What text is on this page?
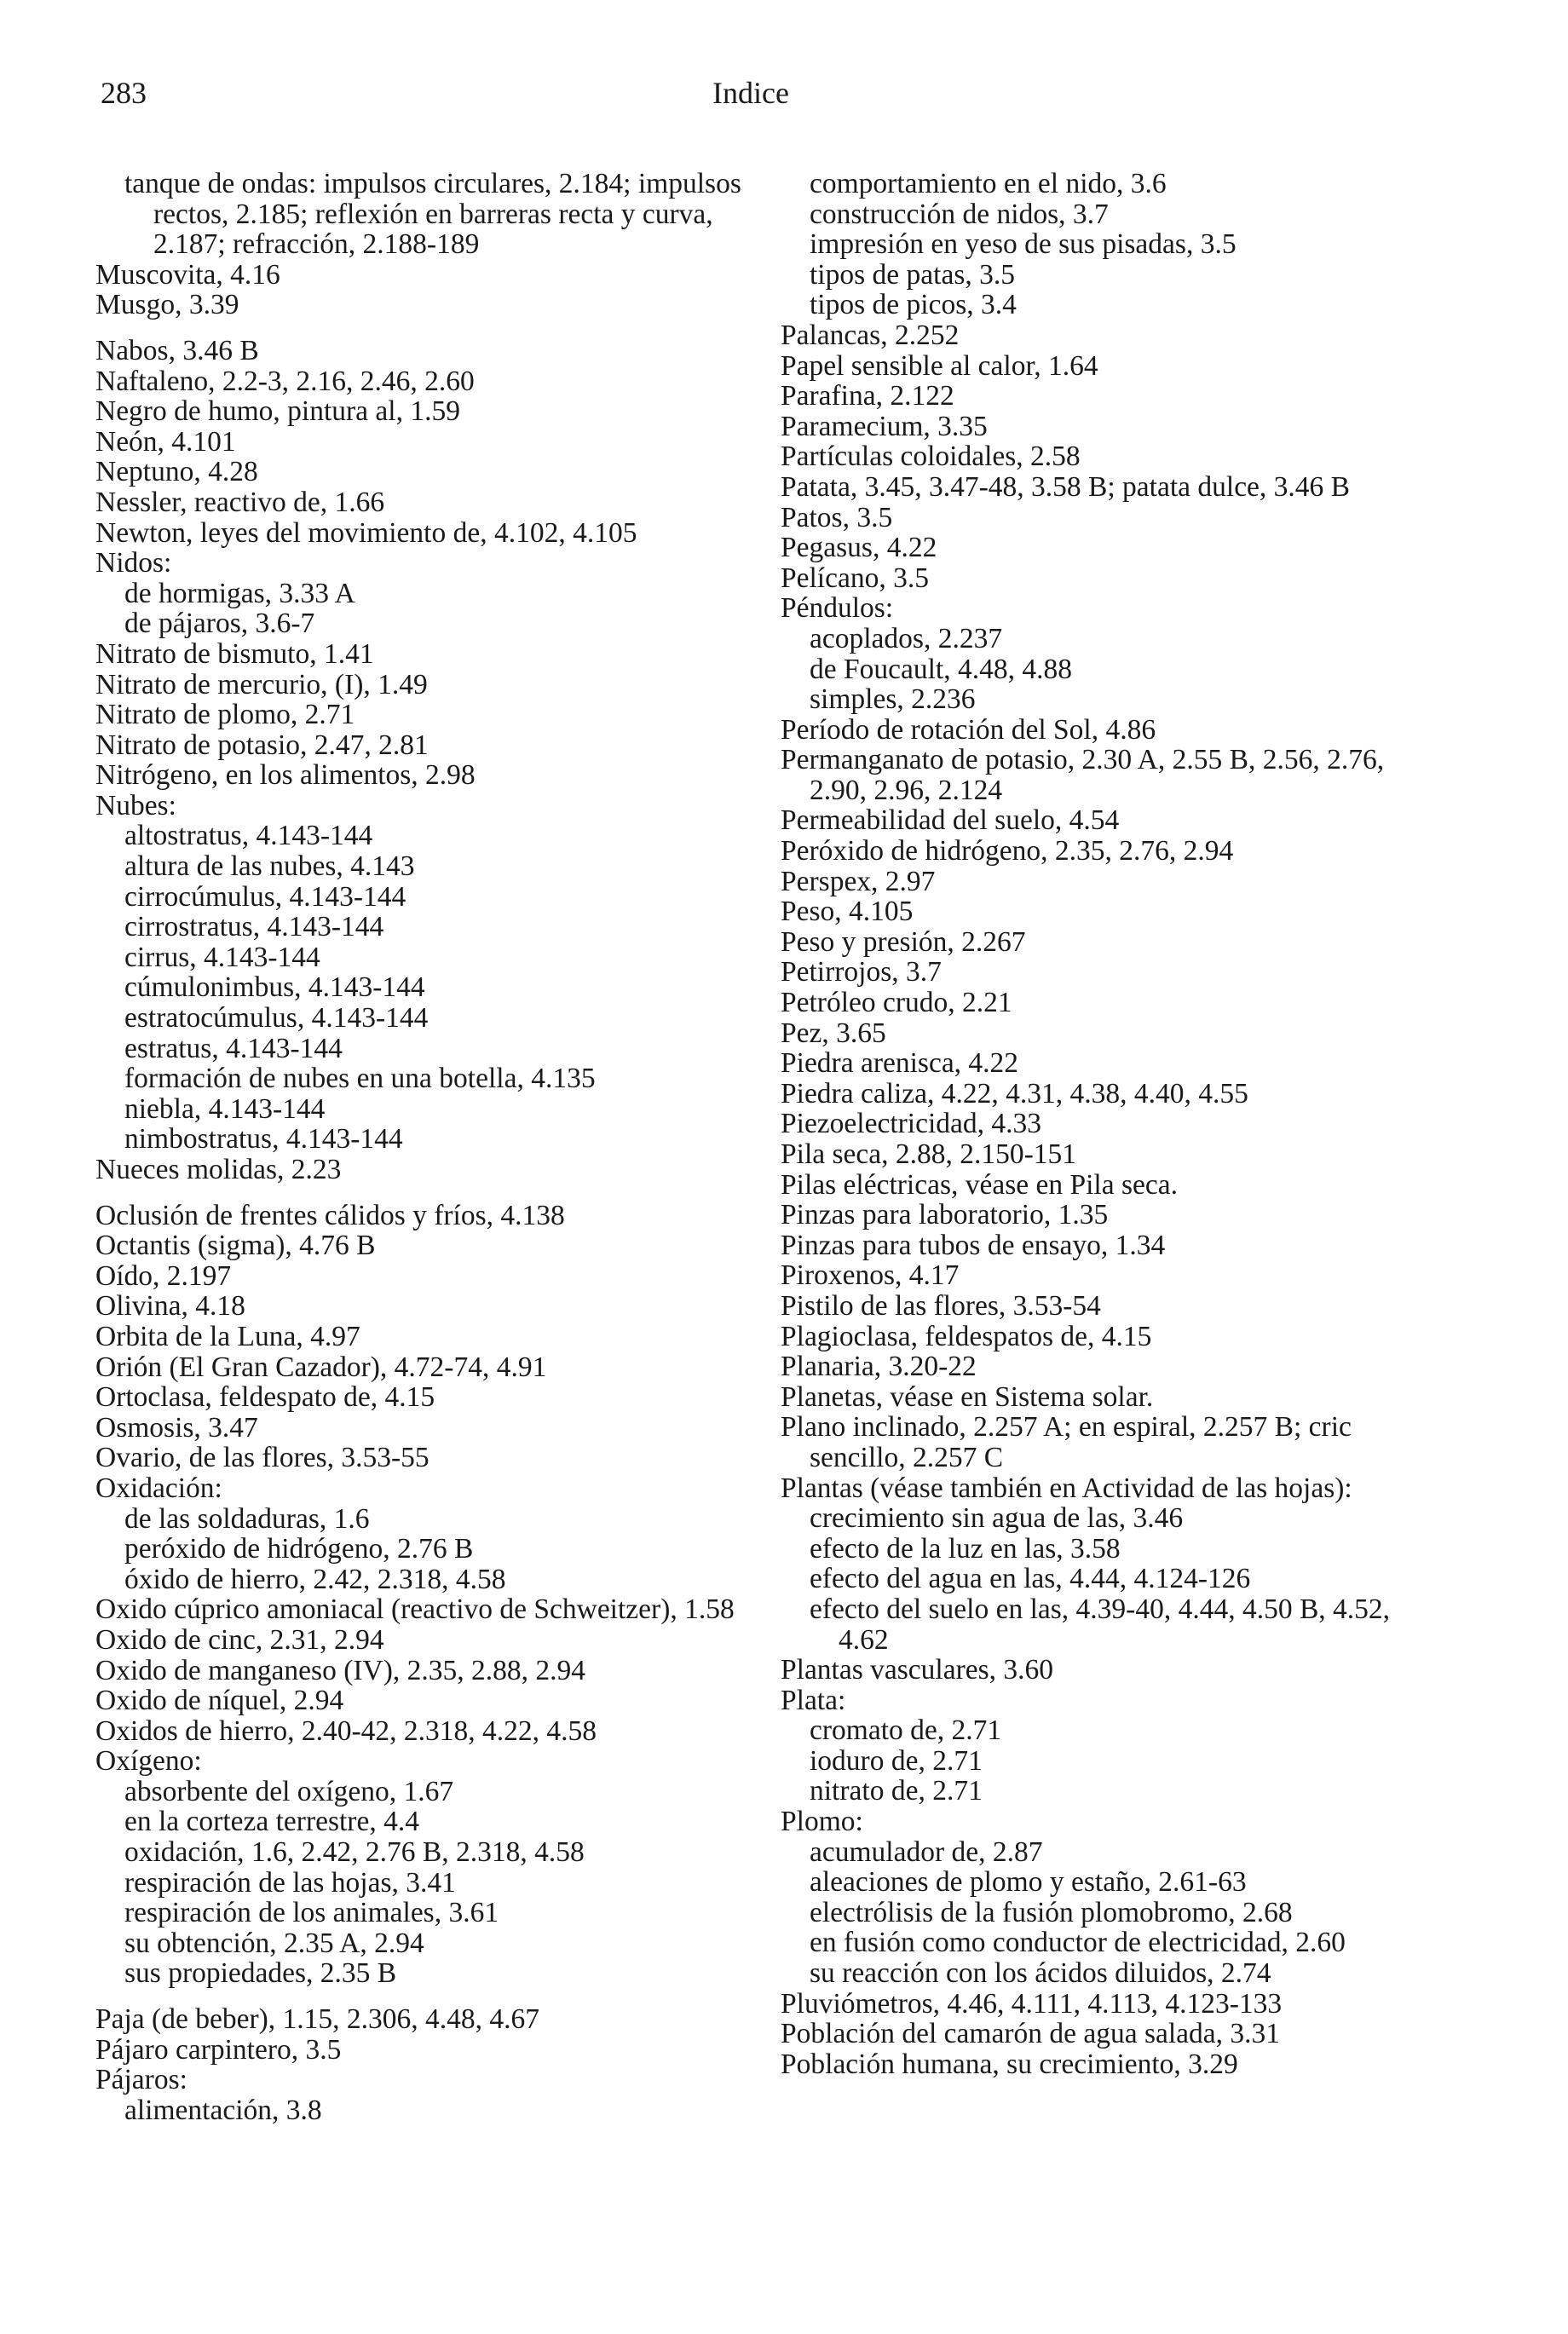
283	Indice

tanque de ondas: impulsos circulares, 2.184; impulsos rectos, 2.185; reflexión en barreras recta y curva, 2.187; refracción, 2.188-189

Muscovita, 4.16

Musgo, 3.39

Nabos, 3.46 B

Naftaleno, 2.2-3, 2.16, 2.46, 2.60

Negro de humo, pintura al, 1.59

Neón, 4.101

Neptuno, 4.28

Nessler, reactivo de, 1.66

Newton, leyes del movimiento de, 4.102, 4.105

Nidos:

de hormigas, 3.33 A

de pájaros, 3.6-7

Nitrato de bismuto, 1.41

Nitrato de mercurio, (I), 1.49

Nitrato de plomo, 2.71

Nitrato de potasio, 2.47, 2.81

Nitrógeno, en los alimentos, 2.98

Nubes:

altostratus, 4.143-144

altura de las nubes, 4.143

cirrocúmulus, 4.143-144

cirrostratus, 4.143-144

cirrus, 4.143-144

cúmulonimbus, 4.143-144

estratocúmulus, 4.143-144

estratus, 4.143-144

formación de nubes en una botella, 4.135

niebla, 4.143-144

nimbostratus, 4.143-144

Nueces molidas, 2.23

Oclusión de frentes cálidos y fríos, 4.138

Octantis (sigma), 4.76 B

Oído, 2.197

Olivina, 4.18

Orbita de la Luna, 4.97

Orión (El Gran Cazador), 4.72-74, 4.91

Ortoclasa, feldespato de, 4.15

Osmosis, 3.47

Ovario, de las flores, 3.53-55

Oxidación:

de las soldaduras, 1.6

peróxido de hidrógeno, 2.76 B

óxido de hierro, 2.42, 2.318, 4.58

Oxido cúprico amoniacal (reactivo de Schweitzer), 1.58

Oxido de cinc, 2.31, 2.94

Oxido de manganeso (IV), 2.35, 2.88, 2.94

Oxido de níquel, 2.94

Oxidos de hierro, 2.40-42, 2.318, 4.22, 4.58

Oxígeno:

absorbente del oxígeno, 1.67

en la corteza terrestre, 4.4

oxidación, 1.6, 2.42, 2.76 B, 2.318, 4.58

respiración de las hojas, 3.41

respiración de los animales, 3.61

su obtención, 2.35 A, 2.94

sus propiedades, 2.35 B

Paja (de beber), 1.15, 2.306, 4.48, 4.67

Pájaro carpintero, 3.5

Pájaros:

alimentación, 3.8

comportamiento en el nido, 3.6

construcción de nidos, 3.7

impresión en yeso de sus pisadas, 3.5

tipos de patas, 3.5

tipos de picos, 3.4

Palancas, 2.252

Papel sensible al calor, 1.64

Parafina, 2.122

Paramecium, 3.35

Partículas coloidales, 2.58

Patata, 3.45, 3.47-48, 3.58 B; patata dulce, 3.46 B

Patos, 3.5

Pegasus, 4.22

Pelícano, 3.5

Péndulos:

acoplados, 2.237

de Foucault, 4.48, 4.88

simples, 2.236

Período de rotación del Sol, 4.86

Permanganato de potasio, 2.30 A, 2.55 B, 2.56, 2.76, 2.90, 2.96, 2.124

Permeabilidad del suelo, 4.54

Peróxido de hidrógeno, 2.35, 2.76, 2.94

Perspex, 2.97

Peso, 4.105

Peso y presión, 2.267

Petirrojos, 3.7

Petróleo crudo, 2.21

Pez, 3.65

Piedra arenisca, 4.22

Piedra caliza, 4.22, 4.31, 4.38, 4.40, 4.55

Piezoelectricidad, 4.33

Pila seca, 2.88, 2.150-151

Pilas eléctricas, véase en Pila seca.

Pinzas para laboratorio, 1.35

Pinzas para tubos de ensayo, 1.34

Piroxenos, 4.17

Pistilo de las flores, 3.53-54

Plagioclasa, feldespatos de, 4.15

Planaria, 3.20-22

Planetas, véase en Sistema solar.

Plano inclinado, 2.257 A; en espiral, 2.257 B; cric sencillo, 2.257 C

Plantas (véase también en Actividad de las hojas):

crecimiento sin agua de las, 3.46

efecto de la luz en las, 3.58

efecto del agua en las, 4.44, 4.124-126

efecto del suelo en las, 4.39-40, 4.44, 4.50 B, 4.52, 4.62

Plantas vasculares, 3.60

Plata:

cromato de, 2.71

ioduro de, 2.71

nitrato de, 2.71

Plomo:

acumulador de, 2.87

aleaciones de plomo y estaño, 2.61-63

electrólisis de la fusión plomobromo, 2.68

en fusión como conductor de electricidad, 2.60

su reacción con los ácidos diluidos, 2.74

Pluviómetros, 4.46, 4.111, 4.113, 4.123-133

Población del camarón de agua salada, 3.31

Población humana, su crecimiento, 3.29
